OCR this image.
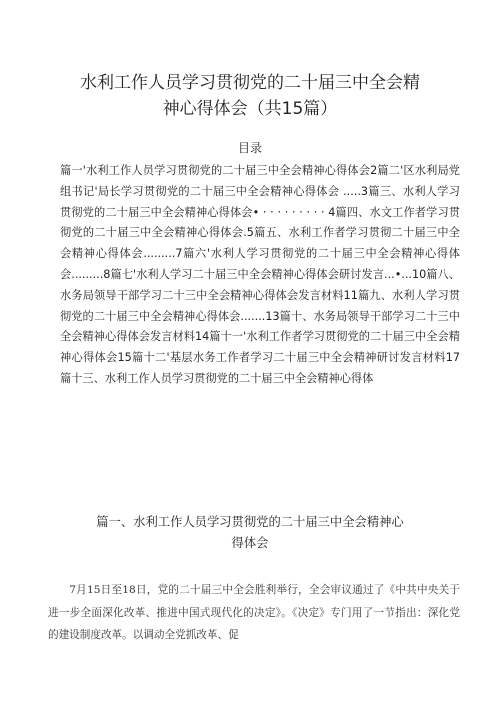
水利工作人员学习贯彻党的二十届三中全会精
神心得体会（共15篇）
目录
篇一'水利工作人员学习贯彻党的二十届三中全会精神心得体会2篇二'区水利局党组书记'局长学习贯彻党的二十届三中全会精神心得体会 .....3篇三、水利人学习贯彻党的二十届三中全会精神心得体会• · · · · · · · · · 4篇四、水文工作者学习贯彻党的二十届三中全会精神心得体会.5篇五、水利工作者学习贯彻二十届三中全会精神心得体会.........7篇六'水利人学习贯彻党的二十届三中全会精神心得体会.........8篇七'水利人学习二十届三中全会精神心得体会研讨发言...•...10篇八、水务局领导干部学习二十三中全会精神心得体会发言材料11篇九、水利人学习贯彻党的二十届三中全会精神心得体会.......13篇十、水务局领导干部学习二十三中全会精神心得体会发言材料14篇十一'水利工作者学习贯彻党的二十届三中全会精神心得体会15篇十二'基层水务工作者学习二十届三中全会精神研讨发言材料17篇十三、水利工作人员学习贯彻党的二十届三中全会精神心得体
篇一、水利工作人员学习贯彻党的二十届三中全会精神心
得体会
7月15日至18日，党的二十届三中全会胜利举行，全会审议通过了《中共中央关于进一步全面深化改革、推进中国式现代化的决定》。《决定》专门用了一节指出：深化党的建设制度改革。以调动全党抓改革、促
